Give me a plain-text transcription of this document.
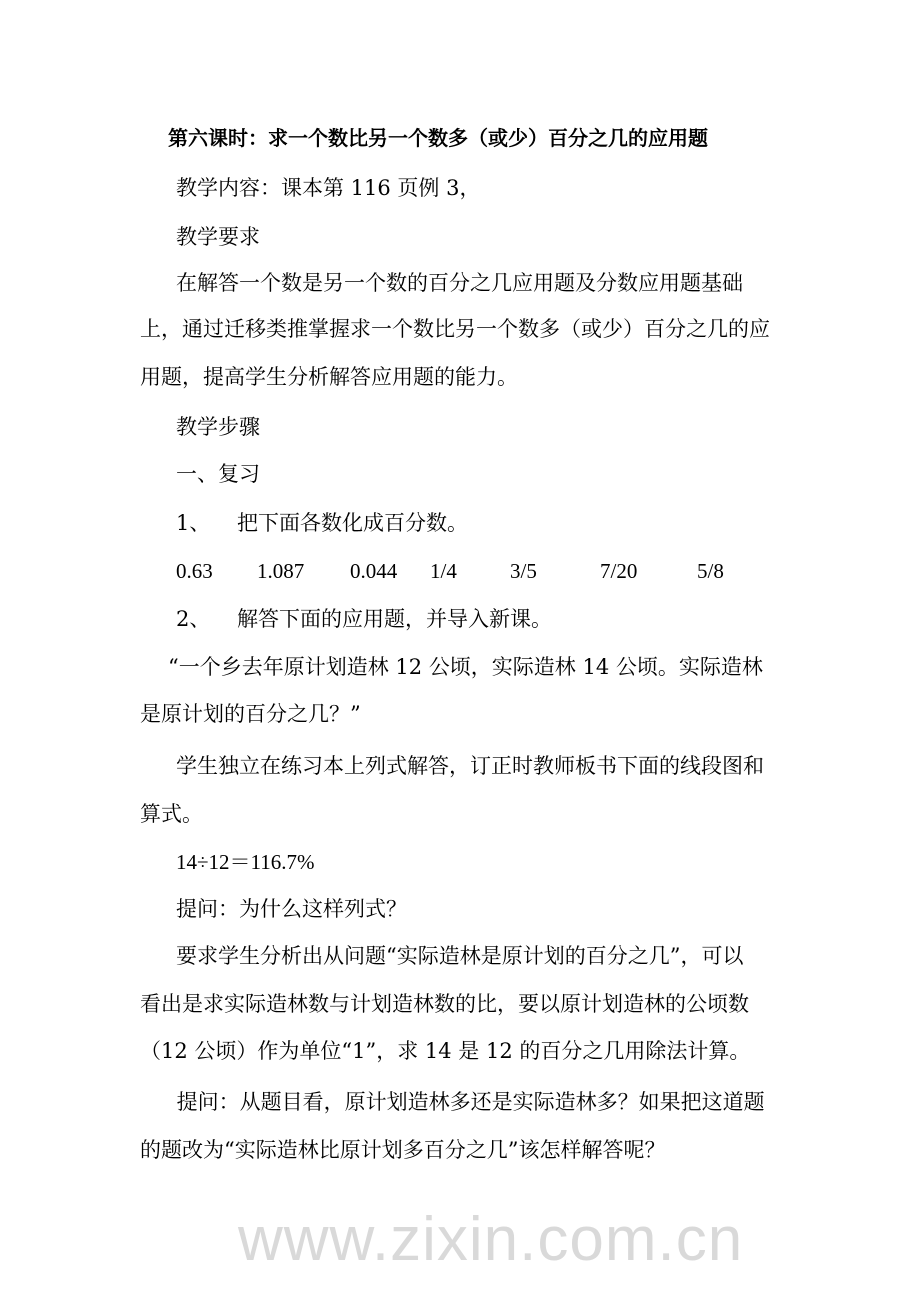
第六课时：求一个数比另一个数多（或少）百分之几的应用题
教学内容：课本第 116 页例 3，
教学要求
在解答一个数是另一个数的百分之几应用题及分数应用题基础
上，通过迁移类推掌握求一个数比另一个数多（或少）百分之几的应
用题，提高学生分析解答应用题的能力。
教学步骤
一、复习
1、    把下面各数化成百分数。
0.63 1.087 0.044 1/4	3/5	7/20	5/8
2、    解答下面的应用题，并导入新课。
“一个乡去年原计划造林 12 公顷，实际造林 14 公顷。实际造林
是原计划的百分之几？”
学生独立在练习本上列式解答，订正时教师板书下面的线段图和
算式。
14÷12＝116.7%
提问：为什么这样列式？
要求学生分析出从问题“实际造林是原计划的百分之几”，可以
看出是求实际造林数与计划造林数的比，要以原计划造林的公顷数
（12 公顷）作为单位“1”，求 14 是 12 的百分之几用除法计算。
提问：从题目看，原计划造林多还是实际造林多？如果把这道题
的题改为“实际造林比原计划多百分之几”该怎样解答呢？
www.zixin.com.cn
